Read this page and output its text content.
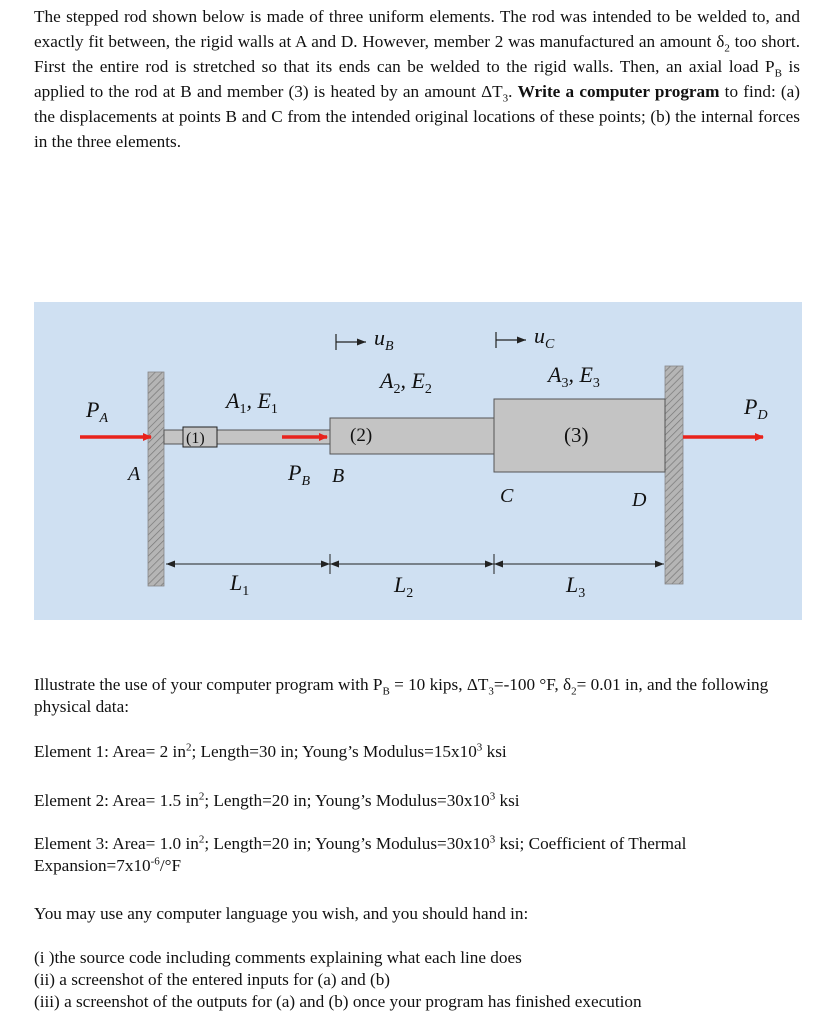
The stepped rod shown below is made of three uniform elements. The rod was intended to be welded to, and exactly fit between, the rigid walls at A and D. However, member 2 was manufactured an amount $\delta_2$ too short. First the entire rod is stretched so that its ends can be welded to the rigid walls. Then, an axial load $P_B$ is applied to the rod at B and member (3) is heated by an amount $\Delta T_3$. Write a computer program to find: (a) the displacements at points B and C from the intended original locations of these points; (b) the internal forces in the three elements.
$P_A$
A
$A_1$, $E_1$
(1)
$P_B$ B
$u_B$
$A_2$, $E_2$
(2)
$u_C$
$A_3$, $E_3$
(3)
C	D
$P_D$
$L_1$	$L_2$	$L_3$
Illustrate the use of your computer program with $P_B = 10$ kips, $\Delta T_3=-100$ °F, $\delta_2= 0.01$ in, and the following physical data:
Element 1: Area= 2 $in^2$; Length=30 in; Young’s $Modulus=15x10^3$ ksi
Element 2: Area= 1.5 $in^2$; Length=20 in; Young’s $Modulus=30x10^3$ ksi
Element 3: Area= 1.0 $in^2$; Length=20 in; Young’s $Modulus=30x10^3$ ksi; Coefficient of Thermal $Expansion=7x10^{-6}/^\circ F$
You may use any computer language you wish, and you should hand in:
(i )the source code including comments explaining what each line does
(ii) a screenshot of the entered inputs for (a) and (b)
(iii) a screenshot of the outputs for (a) and (b) once your program has finished execution
